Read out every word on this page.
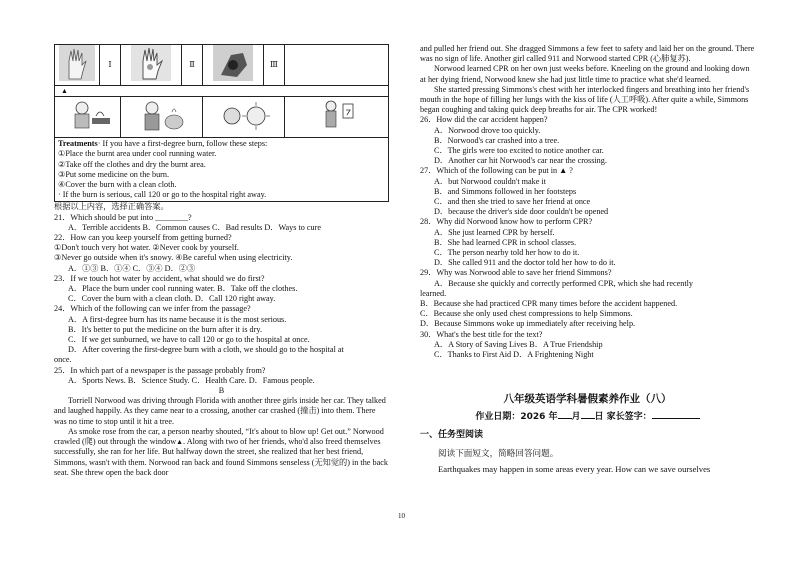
	Ⅰ		Ⅱ		Ⅲ	
▲						

Treatments· If you have a first-degree burn, follow these steps:

①Place the burnt area under cool running water.

②Take off the clothes and dry the burnt area.

③Put some medicine on the burn.

④Cover the burn with a clean cloth.

· If the burn is serious, call 120 or go to the hospital right away.

根据以上内容，选择正确答案。

21．Which should be put into ________?

A．Terrible accidents B．Common causes C．Bad results D．Ways to cure

22．How can you keep yourself from getting burned?

①Don't touch very hot water. ②Never cook by yourself.

③Never go outside when it's snowy. ④Be careful when using electricity.

A．①③ B．①④ C．③④ D．②③

23．If we touch hot water by accident, what should we do first?

A．Place the burn under cool running water. B．Take off the clothes.

C．Cover the burn with a clean cloth. D．Call 120 right away.

24．Which of the following can we infer from the passage?

A．A first-degree burn has its name because it is the most serious.

B．It's better to put the medicine on the burn after it is dry.

C．If we get sunburned, we have to call 120 or go to the hospital at once.

D．After covering the first-degree burn with a cloth, we should go to the hospital at

once.

25．In which part of a newspaper is the passage probably from?

A．Sports News. B．Science Study. C．Health Care. D．Famous people.

B

Torriell Norwood was driving through Florida with another three girls inside her car. They talked and laughed happily. As they came near to a crossing, another car crashed (撞击) into them. There was no time to stop until it hit a tree.

As smoke rose from the car, a person nearby shouted, “It's about to blow up! Get out.” Norwood crawled (爬) out through the window▲. Along with two of her friends, who'd also freed themselves successfully, she ran for her life. But halfway down the street, she realized that her best friend, Simmons, wasn't with them. Norwood ran back and found Simmons senseless (无知觉的) in the back seat. She threw open the back door

10

and pulled her friend out. She dragged Simmons a few feet to safety and laid her on the ground. There was no sign of life. Another girl called 911 and Norwood started CPR (心肺复苏).

Norwood learned CPR on her own just weeks before. Kneeling on the ground and looking down at her dying friend, Norwood knew she had just little time to practice what she'd learned.

She started pressing Simmons's chest with her interlocked fingers and breathing into her friend's mouth in the hope of filling her lungs with the kiss of life (人工呼吸). After quite a while, Simmons began coughing and taking quick deep breaths for air. The CPR worked!

26．How did the car accident happen?

A．Norwood drove too quickly.

B．Norwood's car crashed into a tree.

C．The girls were too excited to notice another car.

D．Another car hit Norwood's car near the crossing.

27．Which of the following can be put in ▲ ?

A．but Norwood couldn't make it

B．and Simmons followed in her footsteps

C．and then she tried to save her friend at once

D．because the driver's side door couldn't be opened

28．Why did Norwood know how to perform CPR?

A．She just learned CPR by herself.

B．She had learned CPR in school classes.

C．The person nearby told her how to do it.

D．She called 911 and the doctor told her how to do it.

29．Why was Norwood able to save her friend Simmons?

A．Because she quickly and correctly performed CPR, which she had recently

learned.

B．Because she had practiced CPR many times before the accident happened.

C．Because she only used chest compressions to help Simmons.

D．Because Simmons woke up immediately after receiving help.

30．What's the best title for the text?

A．A Story of Saving Lives B．A True Friendship

C．Thanks to First Aid D．A Frightening Night

八年级英语学科暑假素养作业（八）
作业日期：2026 年 月 日 家长签字：
一、任务型阅读

阅读下面短文，简略回答问题。

Earthquakes may happen in some areas every year. How can we save ourselves
